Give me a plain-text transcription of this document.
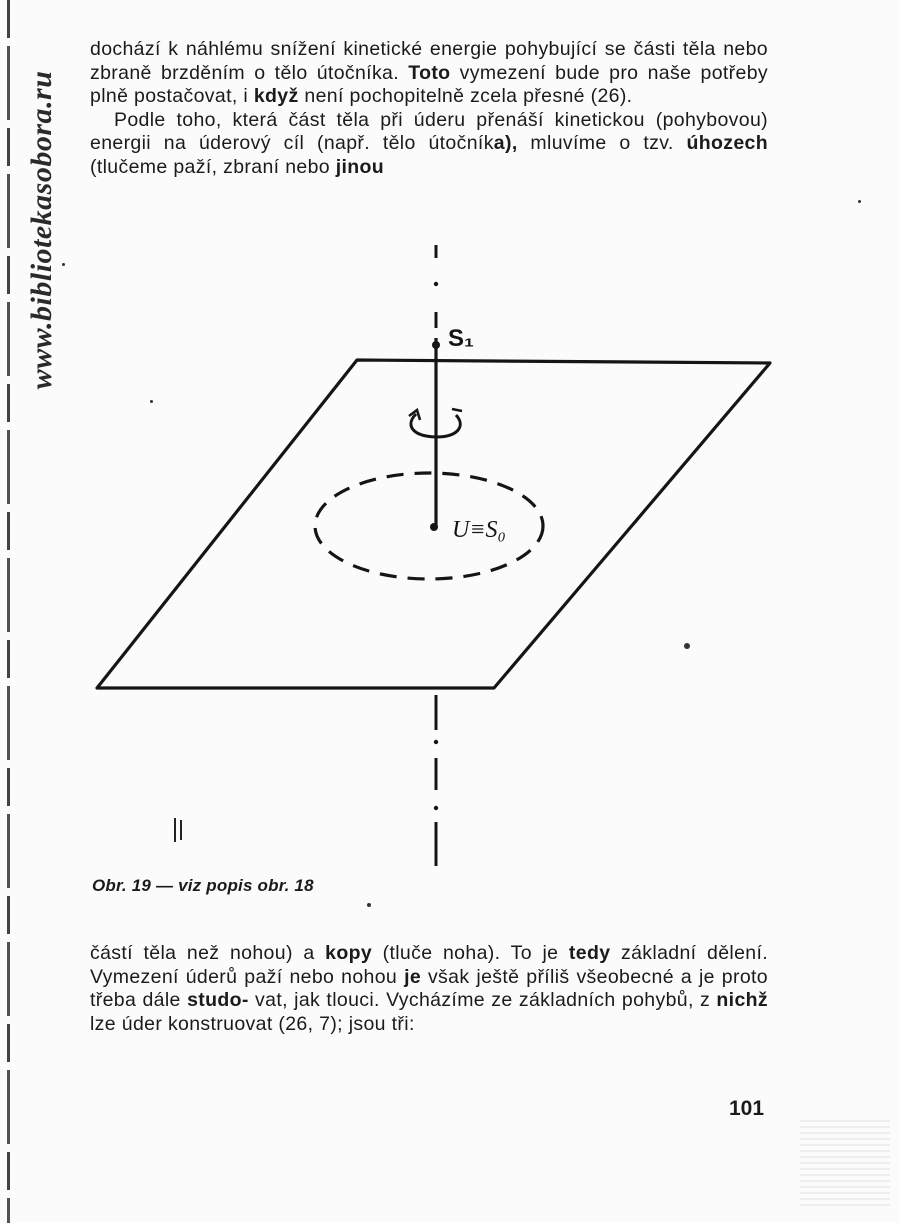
www.bibliotekasobora.ru

dochází k náhlému snížení kinetické energie pohybující se části těla nebo zbraně brzděním o tělo útočníka. Toto vymezení bude pro naše potřeby plně postačovat, i když není pochopitelně zcela přesné (26).

Podle toho, která část těla při úderu přenáší kinetickou (pohybovou) energii na úderový cíl (např. tělo útočníka), mluvíme o tzv. úhozech (tlučeme paží, zbraní nebo jinou

S₁
U≡S₀
Obr. 19 — viz popis obr. 18

částí těla než nohou) a kopy (tluče noha). To je tedy základní dělení. Vymezení úderů paží nebo nohou je však ještě příliš všeobecné a je proto třeba dále studo- vat, jak tlouci. Vycházíme ze základních pohybů, z nichž lze úder konstruovat (26, 7); jsou tři:

101
